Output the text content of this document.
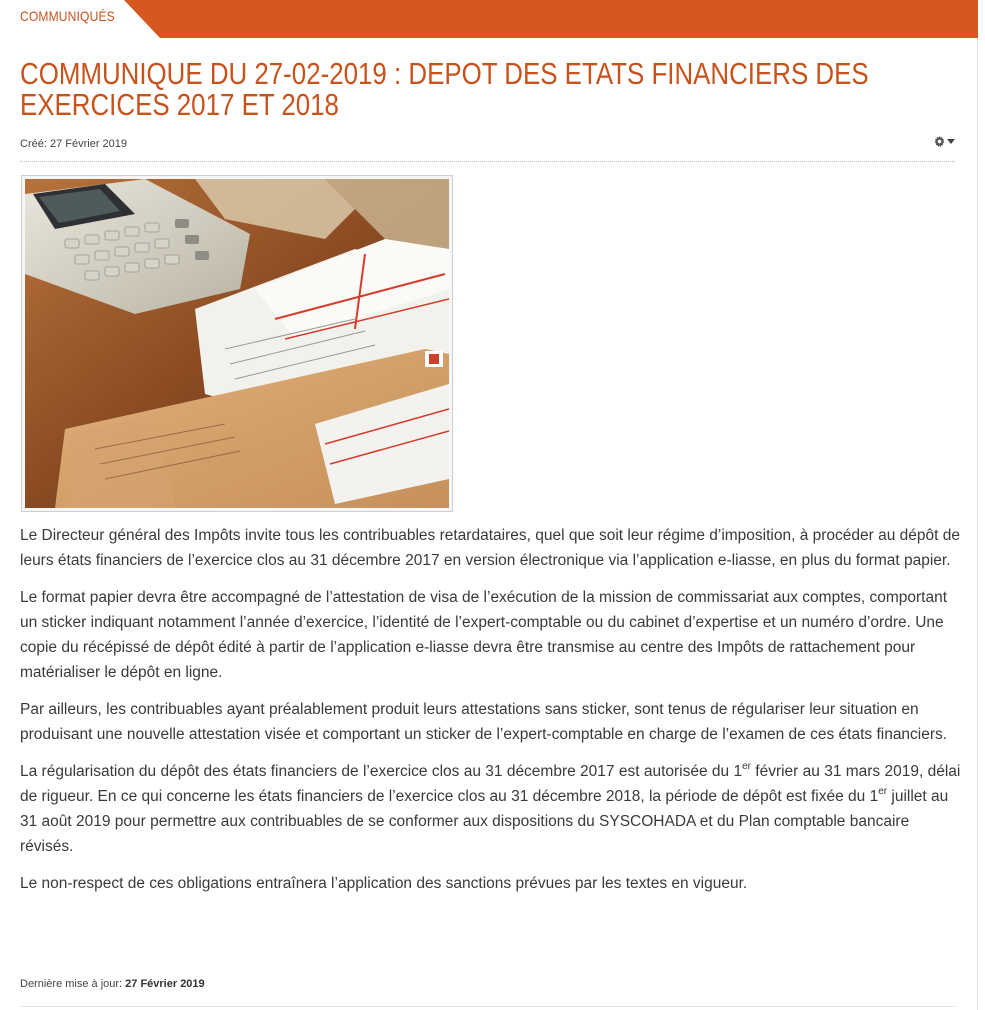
COMMUNIQUÉS
COMMUNIQUE DU 27-02-2019 : DEPOT DES ETATS FINANCIERS DES EXERCICES 2017 ET 2018
Créé: 27 Février 2019

Le Directeur général des Impôts invite tous les contribuables retardataires, quel que soit leur régime d’imposition, à procéder au dépôt de leurs états financiers de l’exercice clos au 31 décembre 2017 en version électronique via l’application e-liasse, en plus du format papier.

Le format papier devra être accompagné de l’attestation de visa de l’exécution de la mission de commissariat aux comptes, comportant un sticker indiquant notamment l’année d’exercice, l’identité de l’expert-comptable ou du cabinet d’expertise et un numéro d’ordre. Une copie du récépissé de dépôt édité à partir de l’application e-liasse devra être transmise au centre des Impôts de rattachement pour matérialiser le dépôt en ligne.

Par ailleurs, les contribuables ayant préalablement produit leurs attestations sans sticker, sont tenus de régulariser leur situation en produisant une nouvelle attestation visée et comportant un sticker de l’expert-comptable en charge de l’examen de ces états financiers.

La régularisation du dépôt des états financiers de l’exercice clos au 31 décembre 2017 est autorisée du 1er février au 31 mars 2019, délai de rigueur. En ce qui concerne les états financiers de l’exercice clos au 31 décembre 2018, la période de dépôt est fixée du 1er juillet au 31 août 2019 pour permettre aux contribuables de se conformer aux dispositions du SYSCOHADA et du Plan comptable bancaire révisés.

Le non-respect de ces obligations entraînera l’application des sanctions prévues par les textes en vigueur.

Dernière mise à jour: 27 Février 2019
